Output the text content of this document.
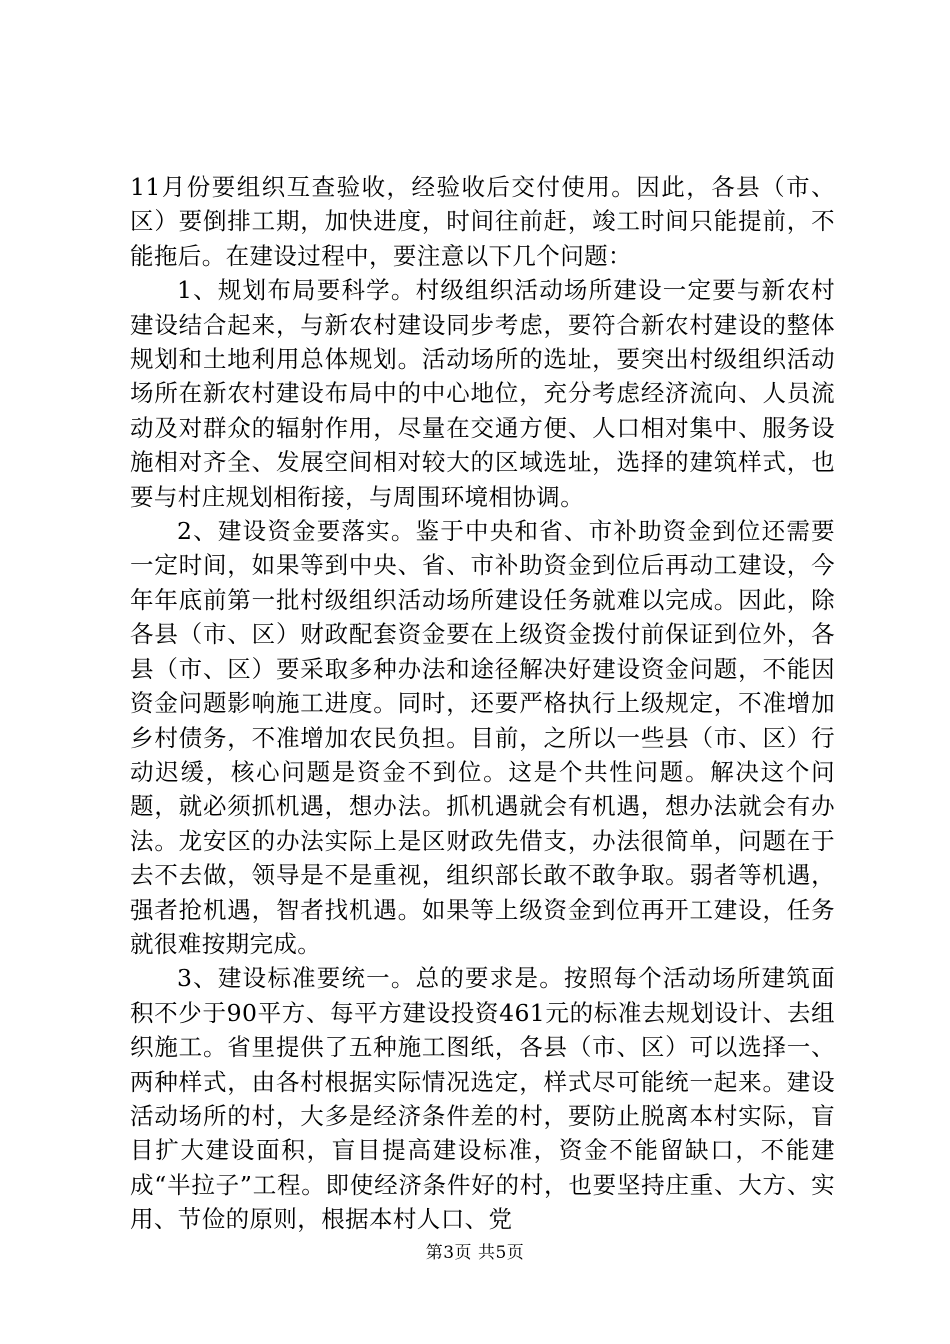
11月份要组织互查验收，经验收后交付使用。因此，各县（市、区）要倒排工期，加快进度，时间往前赶，竣工时间只能提前，不能拖后。在建设过程中，要注意以下几个问题：

1、规划布局要科学。村级组织活动场所建设一定要与新农村建设结合起来，与新农村建设同步考虑，要符合新农村建设的整体规划和土地利用总体规划。活动场所的选址，要突出村级组织活动场所在新农村建设布局中的中心地位，充分考虑经济流向、人员流动及对群众的辐射作用，尽量在交通方便、人口相对集中、服务设施相对齐全、发展空间相对较大的区域选址，选择的建筑样式，也要与村庄规划相衔接，与周围环境相协调。

2、建设资金要落实。鉴于中央和省、市补助资金到位还需要一定时间，如果等到中央、省、市补助资金到位后再动工建设，今年年底前第一批村级组织活动场所建设任务就难以完成。因此，除各县（市、区）财政配套资金要在上级资金拨付前保证到位外，各县（市、区）要采取多种办法和途径解决好建设资金问题，不能因资金问题影响施工进度。同时，还要严格执行上级规定，不准增加乡村债务，不准增加农民负担。目前，之所以一些县（市、区）行动迟缓，核心问题是资金不到位。这是个共性问题。解决这个问题，就必须抓机遇，想办法。抓机遇就会有机遇，想办法就会有办法。龙安区的办法实际上是区财政先借支，办法很简单，问题在于去不去做，领导是不是重视，组织部长敢不敢争取。弱者等机遇，强者抢机遇，智者找机遇。如果等上级资金到位再开工建设，任务就很难按期完成。

3、建设标准要统一。总的要求是。按照每个活动场所建筑面积不少于90平方、每平方建设投资461元的标准去规划设计、去组织施工。省里提供了五种施工图纸，各县（市、区）可以选择一、两种样式，由各村根据实际情况选定，样式尽可能统一起来。建设活动场所的村，大多是经济条件差的村，要防止脱离本村实际，盲目扩大建设面积，盲目提高建设标准，资金不能留缺口，不能建成“半拉子”工程。即使经济条件好的村，也要坚持庄重、大方、实用、节俭的原则，根据本村人口、党

第3页 共5页
